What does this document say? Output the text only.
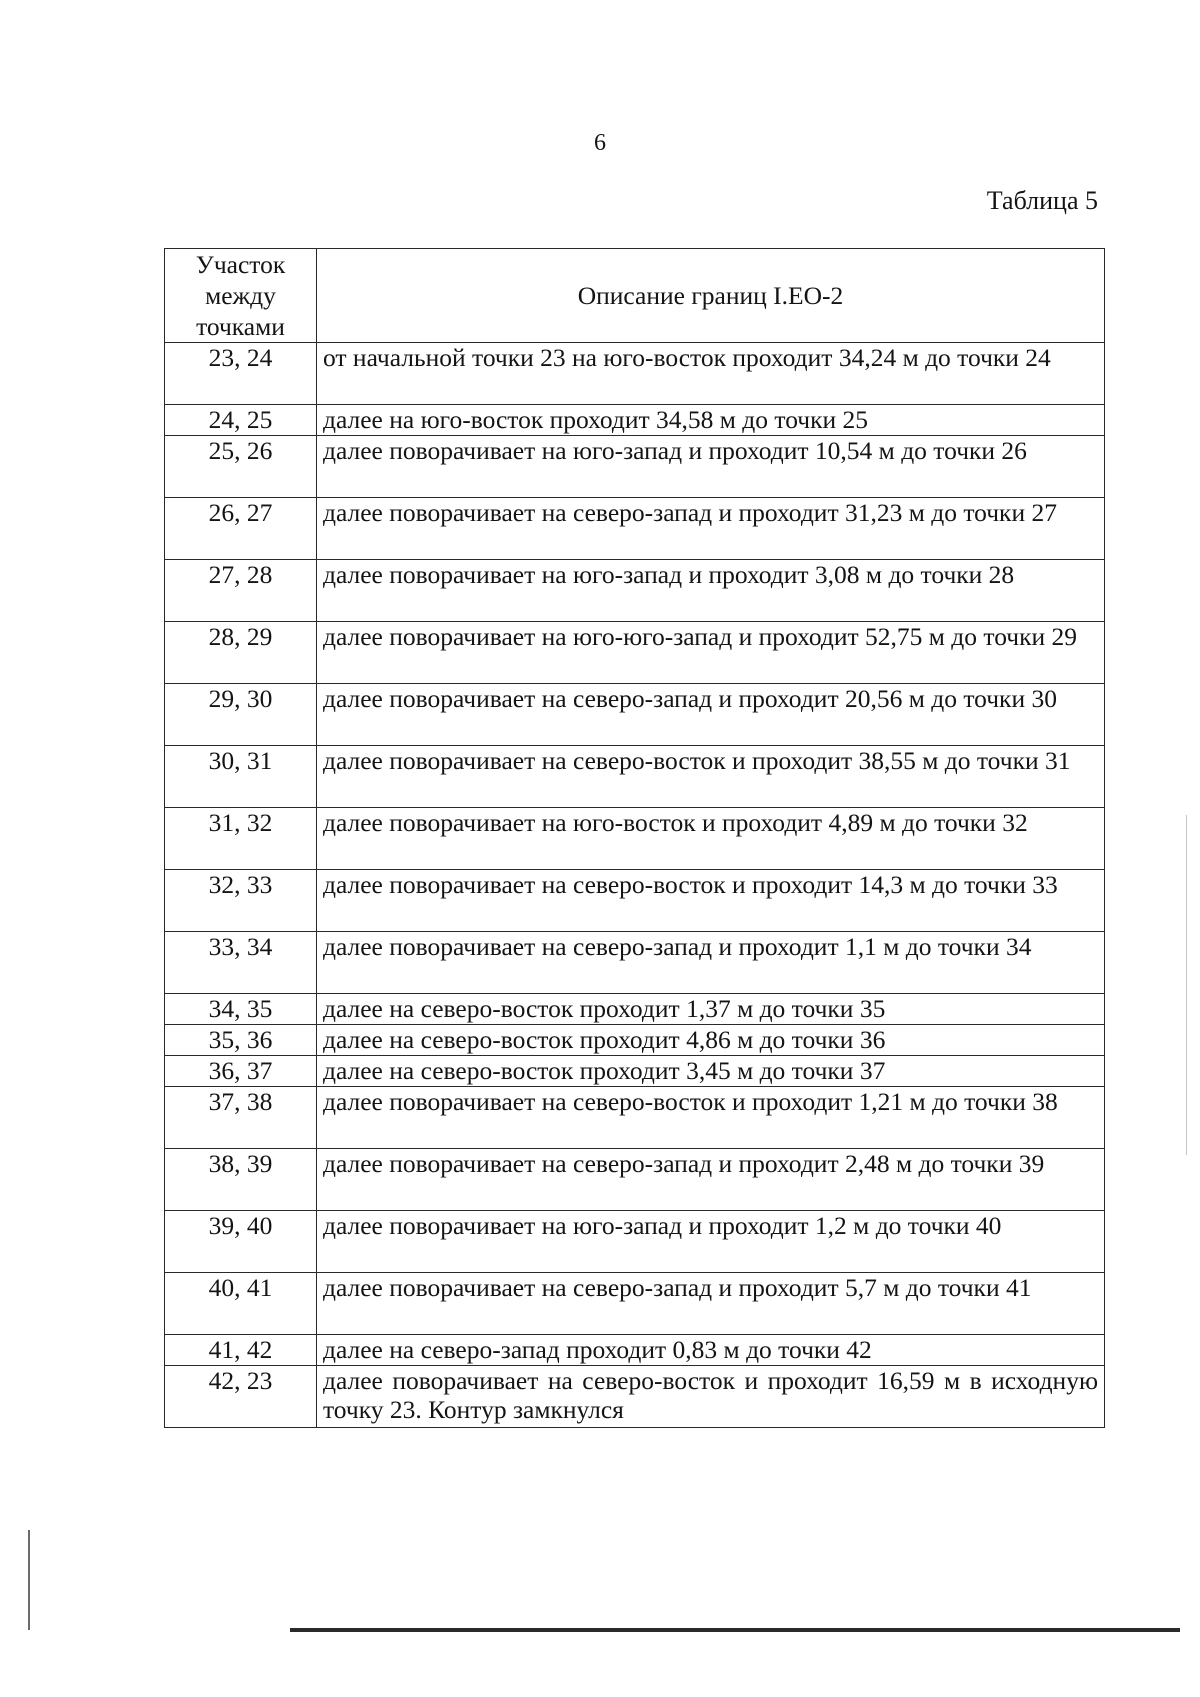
6
Таблица 5
Участок
между
точками	Описание границ I.ЕО-2
23, 24	от начальной точки 23 на юго-восток проходит 34,24 м до точки 24
24, 25	далее на юго-восток проходит 34,58 м до точки 25
25, 26	далее поворачивает на юго-запад и проходит 10,54 м до точки 26
26, 27	далее поворачивает на северо-запад и проходит 31,23 м до точки 27
27, 28	далее поворачивает на юго-запад и проходит 3,08 м до точки 28
28, 29	далее поворачивает на юго-юго-запад и проходит 52,75 м до точки 29
29, 30	далее поворачивает на северо-запад и проходит 20,56 м до точки 30
30, 31	далее поворачивает на северо-восток и проходит 38,55 м до точки 31
31, 32	далее поворачивает на юго-восток и проходит 4,89 м до точки 32
32, 33	далее поворачивает на северо-восток и проходит 14,3 м до точки 33
33, 34	далее поворачивает на северо-запад и проходит 1,1 м до точки 34
34, 35	далее на северо-восток проходит 1,37 м до точки 35
35, 36	далее на северо-восток проходит 4,86 м до точки 36
36, 37	далее на северо-восток проходит 3,45 м до точки 37
37, 38	далее поворачивает на северо-восток и проходит 1,21 м до точки 38
38, 39	далее поворачивает на северо-запад и проходит 2,48 м до точки 39
39, 40	далее поворачивает на юго-запад и проходит 1,2 м до точки 40
40, 41	далее поворачивает на северо-запад и проходит 5,7 м до точки 41
41, 42	далее на северо-запад проходит 0,83 м до точки 42
42, 23	далее поворачивает на северо-восток и проходит 16,59 м в исходную точку 23. Контур замкнулся
